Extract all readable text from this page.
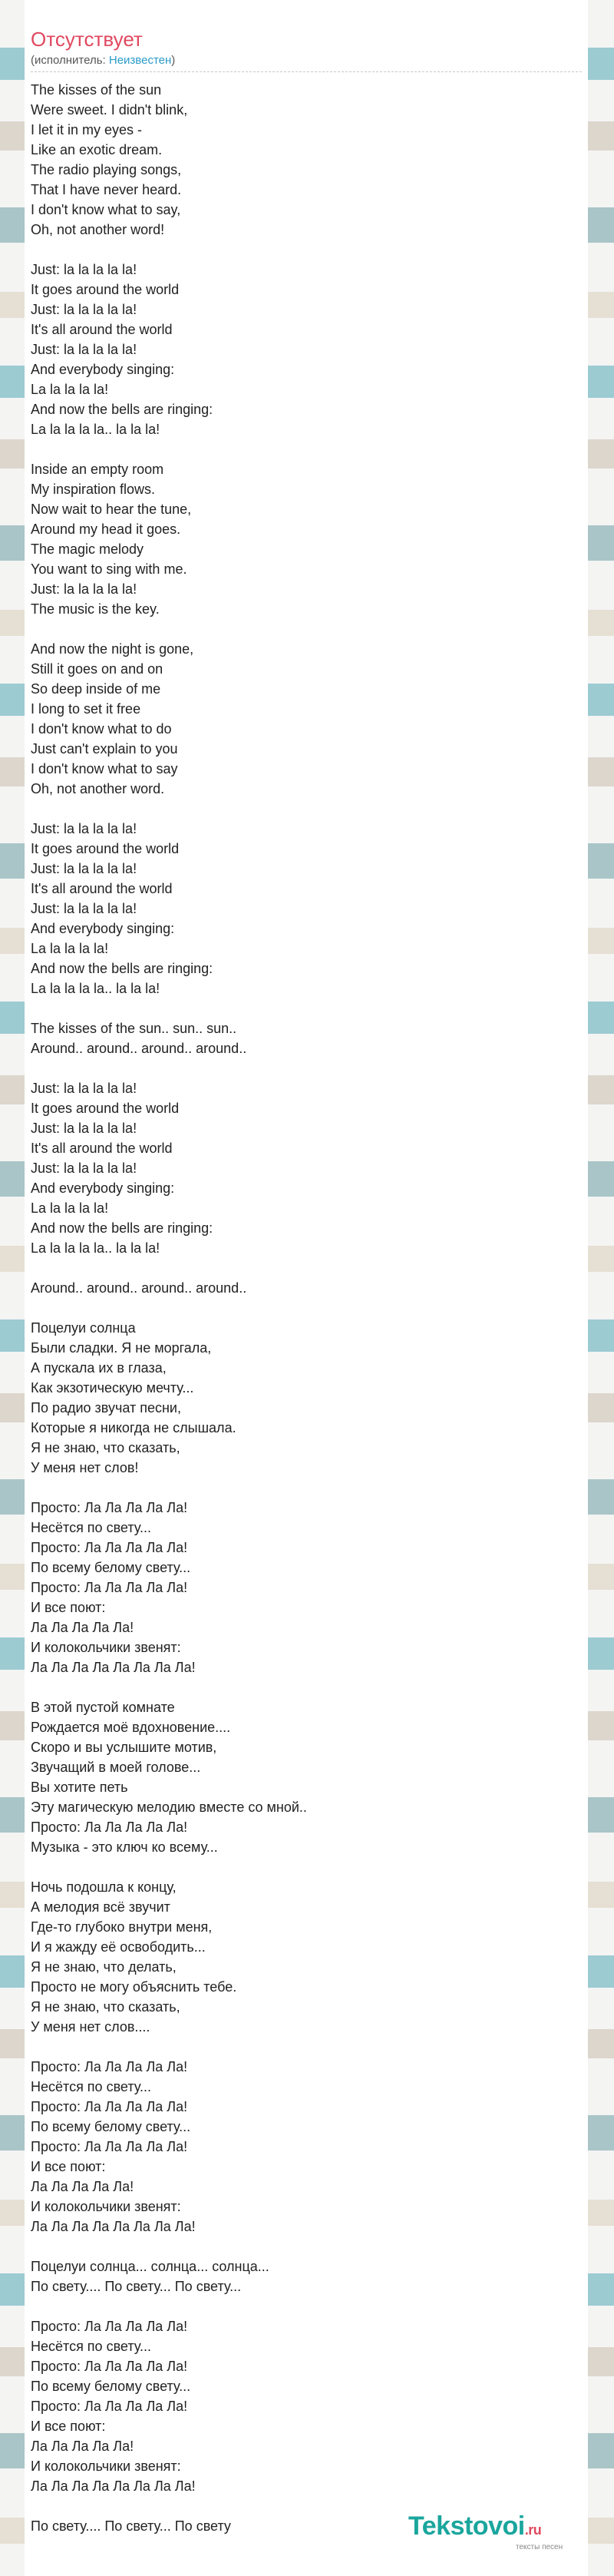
Отсутствует
(исполнитель: Неизвестен)
The kisses of the sun
Were sweet. I didn't blink,
I let it in my eyes -
Like an exotic dream.
The radio playing songs,
That I have never heard.
I don't know what to say,
Oh, not another word!
Just: la la la la la!
It goes around the world
Just: la la la la la!
It's all around the world
Just: la la la la la!
And everybody singing:
La la la la la!
And now the bells are ringing:
La la la la la.. la la la!
Inside an empty room
My inspiration flows.
Now wait to hear the tune,
Around my head it goes.
The magic melody
You want to sing with me.
Just: la la la la la!
The music is the key.
And now the night is gone,
Still it goes on and on
So deep inside of me
I long to set it free
I don't know what to do
Just can't explain to you
I don't know what to say
Oh, not another word.
Just: la la la la la!
It goes around the world
Just: la la la la la!
It's all around the world
Just: la la la la la!
And everybody singing:
La la la la la!
And now the bells are ringing:
La la la la la.. la la la!
The kisses of the sun.. sun.. sun..
Around.. around.. around.. around..
Just: la la la la la!
It goes around the world
Just: la la la la la!
It's all around the world
Just: la la la la la!
And everybody singing:
La la la la la!
And now the bells are ringing:
La la la la la.. la la la!
Around.. around.. around.. around..
Поцелуи солнца
Были сладки. Я не моргала,
А пускала их в глаза,
Как экзотическую мечту...
По радио звучат песни,
Которые я никогда не слышала.
Я не знаю, что сказать,
У меня нет слов!
Просто: Ла Ла Ла Ла Ла!
Несётся по свету...
Просто: Ла Ла Ла Ла Ла!
По всему белому свету...
Просто: Ла Ла Ла Ла Ла!
И все поют:
Ла Ла Ла Ла Ла!
И колокольчики звенят:
Ла Ла Ла Ла Ла Ла Ла Ла!
В этой пустой комнате
Рождается моё вдохновение....
Скоро и вы услышите мотив,
Звучащий в моей голове...
Вы хотите петь
Эту магическую мелодию вместе со мной..
Просто: Ла Ла Ла Ла Ла!
Музыка - это ключ ко всему...
Ночь подошла к концу,
А мелодия всё звучит
Где-то глубоко внутри меня,
И я жажду её освободить...
Я не знаю, что делать,
Просто не могу объяснить тебе.
Я не знаю, что сказать,
У меня нет слов....
Просто: Ла Ла Ла Ла Ла!
Несётся по свету...
Просто: Ла Ла Ла Ла Ла!
По всему белому свету...
Просто: Ла Ла Ла Ла Ла!
И все поют:
Ла Ла Ла Ла Ла!
И колокольчики звенят:
Ла Ла Ла Ла Ла Ла Ла Ла!
Поцелуи солнца... солнца... солнца...
По свету.... По свету... По свету...
Просто: Ла Ла Ла Ла Ла!
Несётся по свету...
Просто: Ла Ла Ла Ла Ла!
По всему белому свету...
Просто: Ла Ла Ла Ла Ла!
И все поют:
Ла Ла Ла Ла Ла!
И колокольчики звенят:
Ла Ла Ла Ла Ла Ла Ла Ла!
По свету.... По свету... По свету	Tekstovoi.ru
тексты песен
